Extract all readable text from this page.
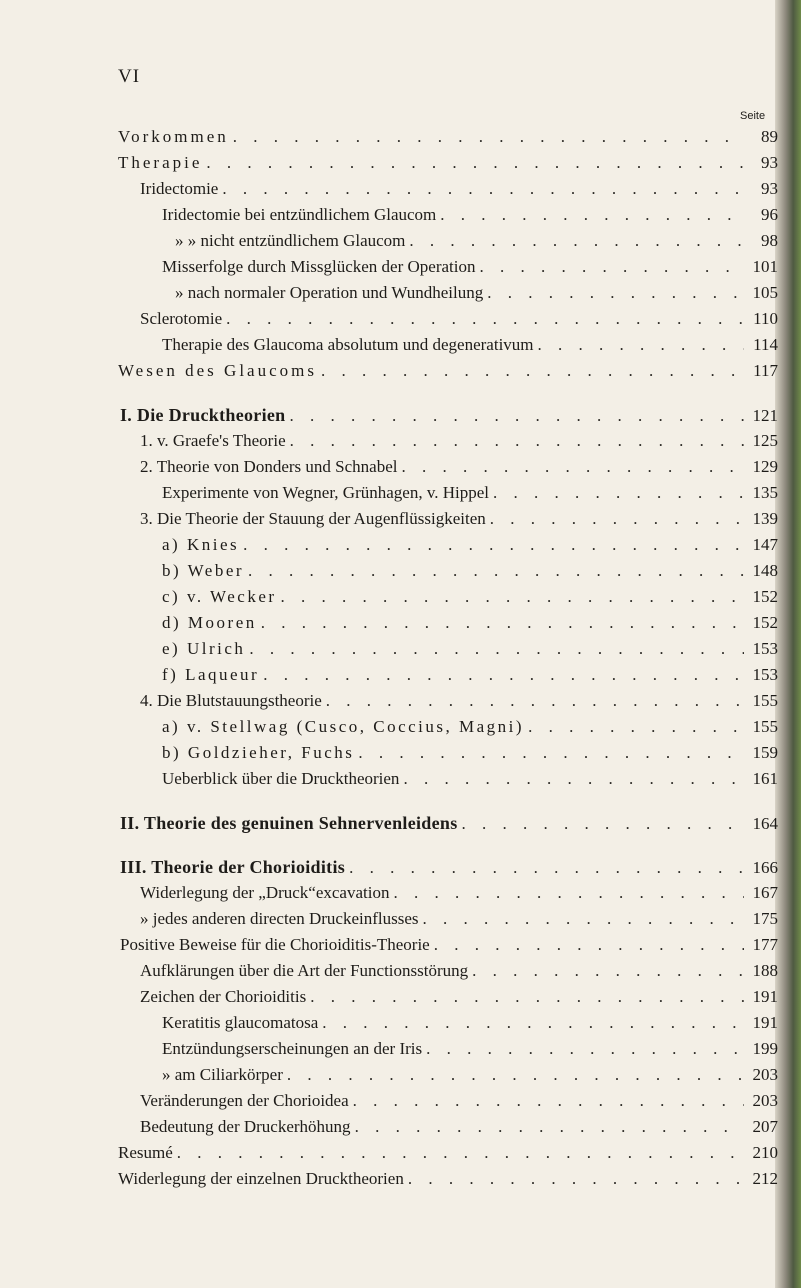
VI
Seite
Vorkommen . . .	89
Therapie . . .	93
Iridectomie . . .	93
Iridectomie bei entzündlichem Glaucom . . .	96
» » nicht entzündlichem Glaucom . . .	98
Misserfolge durch Missglücken der Operation . . .	101
» nach normaler Operation und Wundheilung . . .	105
Sclerotomie . . .	110
Therapie des Glaucoma absolutum und degenerativum . . .	114
Wesen des Glaucoms . . .	117
I. Die Drucktheorien . . .	121
1. v. Graefe's Theorie . . .	125
2. Theorie von Donders und Schnabel . . .	129
Experimente von Wegner, Grünhagen, v. Hippel . . .	135
3. Die Theorie der Stauung der Augenflüssigkeiten . . .	139
a) Knies . . .	147
b) Weber . . .	148
c) v. Wecker . . .	152
d) Mooren . . .	152
e) Ulrich . . .	153
f) Laqueur . . .	153
4. Die Blutstauungstheorie . . .	155
a) v. Stellwag (Cusco, Coccius, Magni) . . .	155
b) Goldzieher, Fuchs . . .	159
Ueberblick über die Drucktheorien . . .	161
II. Theorie des genuinen Sehnervenleidens . . .	164
III. Theorie der Chorioiditis . . .	166
Widerlegung der „Druck“excavation . . .	167
» jedes anderen directen Druckeinflusses . . .	175
Positive Beweise für die Chorioiditis-Theorie . . .	177
Aufklärungen über die Art der Functionsstörung . . .	188
Zeichen der Chorioiditis . . .	191
Keratitis glaucomatosa . . .	191
Entzündungserscheinungen an der Iris . . .	199
» am Ciliarkörper . . .	203
Veränderungen der Chorioidea . . .	203
Bedeutung der Druckerhöhung . . .	207
Resumé . . .	210
Widerlegung der einzelnen Drucktheorien . . .	212
